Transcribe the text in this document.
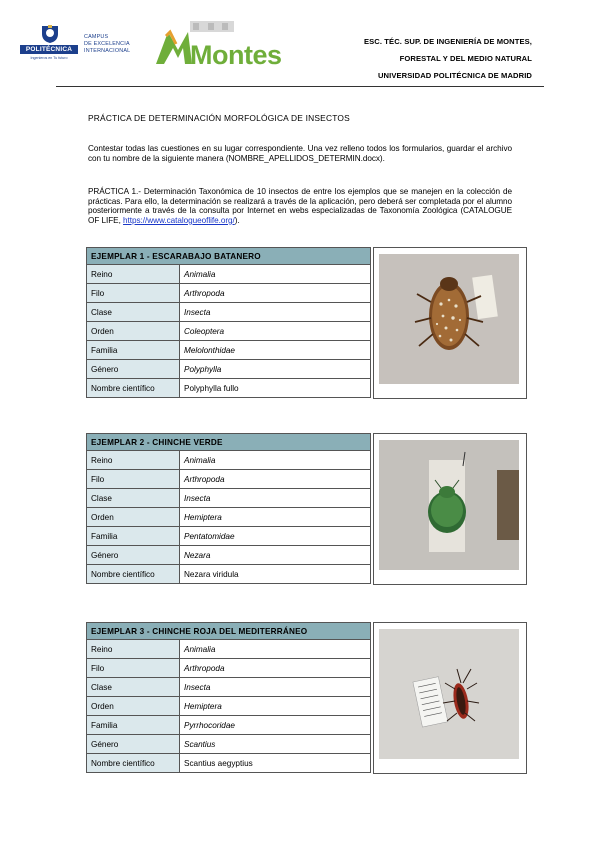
POLITÉCNICA
Ingenieros en Tu futuro
CAMPUS
DE EXCELENCIA
INTERNACIONAL	Montes	ESC. TÉC. SUP. DE INGENIERÍA DE MONTES,
FORESTAL Y DEL MEDIO NATURAL
UNIVERSIDAD POLITÉCNICA DE MADRID
PRÁCTICA DE DETERMINACIÓN MORFOLÓGICA DE INSECTOS
Contestar todas las cuestiones en su lugar correspondiente. Una vez relleno todos los formularios, guardar el archivo con tu nombre de la siguiente manera (NOMBRE_APELLIDOS_DETERMIN.docx).
PRÁCTICA 1.- Determinación Taxonómica de 10 insectos de entre los ejemplos que se manejen en la colección de prácticas. Para ello, la determinación se realizará a través de la aplicación, pero deberá ser completada por el alumno posteriormente a través de la consulta por Internet en webs especializadas de Taxonomía Zoológica (CATALOGUE OF LIFE, https://www.catalogueoflife.org/).
EJEMPLAR 1 - ESCARABAJO BATANERO	
Reino	Animalia
Filo	Arthropoda
Clase	Insecta
Orden	Coleoptera
Familia	Melolonthidae
Género	Polyphylla
Nombre científico	Polyphylla fullo
EJEMPLAR 2 - CHINCHE VERDE	
Reino	Animalia
Filo	Arthropoda
Clase	Insecta
Orden	Hemiptera
Familia	Pentatomidae
Género	Nezara
Nombre científico	Nezara viridula
EJEMPLAR 3 - CHINCHE ROJA DEL MEDITERRÁNEO	
Reino	Animalia
Filo	Arthropoda
Clase	Insecta
Orden	Hemiptera
Familia	Pyrrhocoridae
Género	Scantius
Nombre científico	Scantius aegyptius
